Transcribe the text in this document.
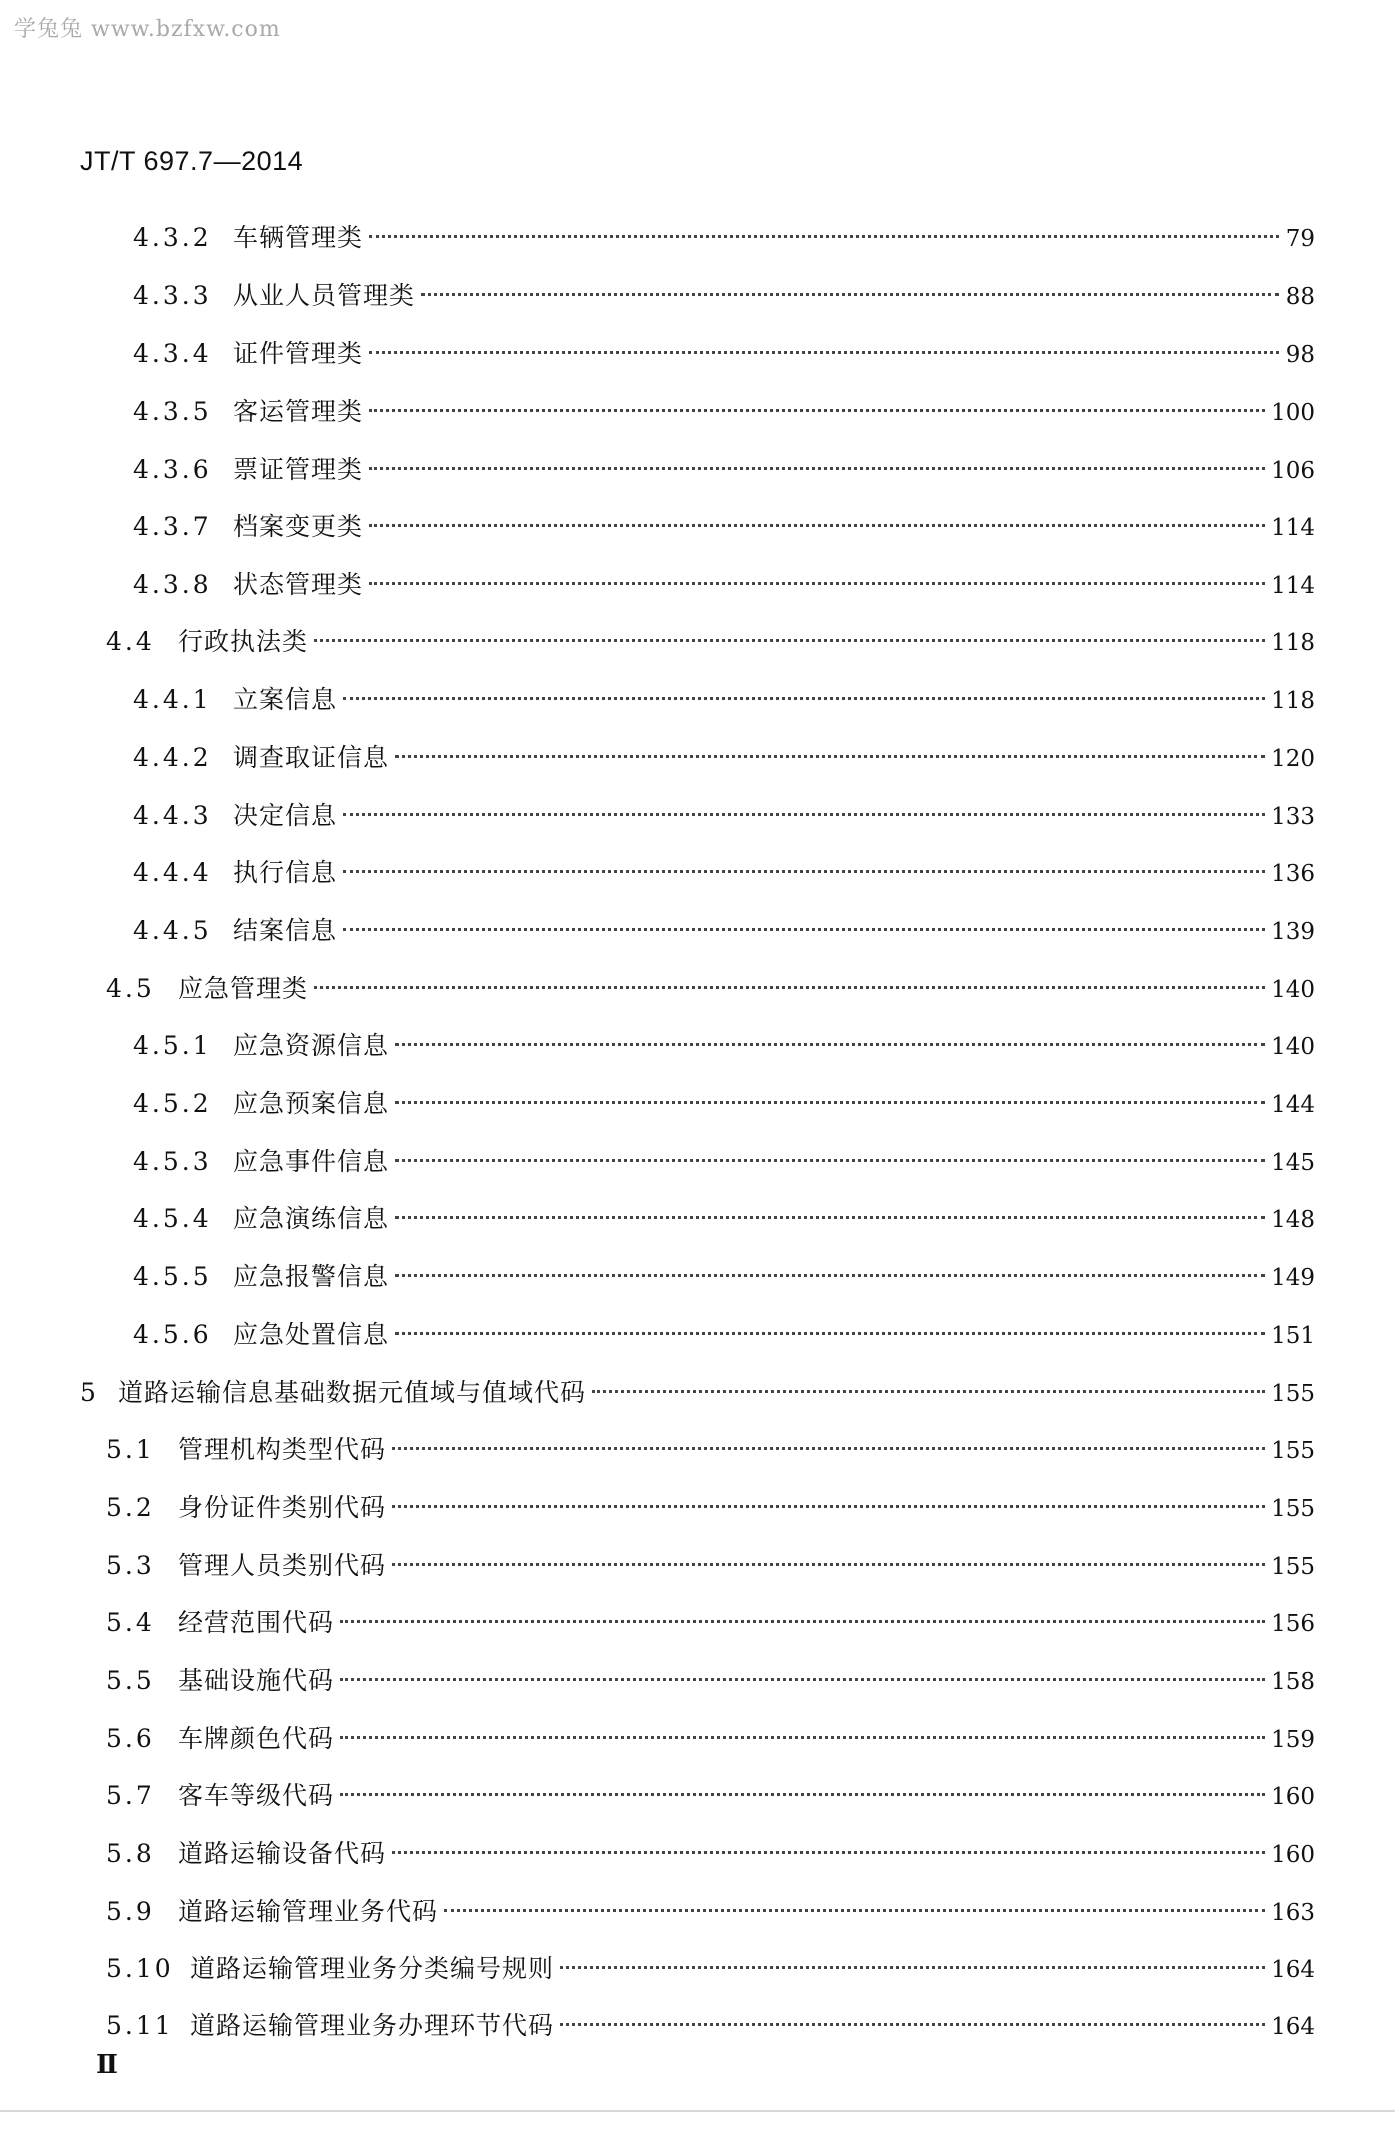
学兔兔 www.bzfxw.com
JT/T 697.7—2014
4.3.2 车辆管理类	79
4.3.3 从业人员管理类	88
4.3.4 证件管理类	98
4.3.5 客运管理类	100
4.3.6 票证管理类	106
4.3.7 档案变更类	114
4.3.8 状态管理类	114
4.4 行政执法类	118
4.4.1 立案信息	118
4.4.2 调查取证信息	120
4.4.3 决定信息	133
4.4.4 执行信息	136
4.4.5 结案信息	139
4.5 应急管理类	140
4.5.1 应急资源信息	140
4.5.2 应急预案信息	144
4.5.3 应急事件信息	145
4.5.4 应急演练信息	148
4.5.5 应急报警信息	149
4.5.6 应急处置信息	151
5 道路运输信息基础数据元值域与值域代码	155
5.1 管理机构类型代码	155
5.2 身份证件类别代码	155
5.3 管理人员类别代码	155
5.4 经营范围代码	156
5.5 基础设施代码	158
5.6 车牌颜色代码	159
5.7 客车等级代码	160
5.8 道路运输设备代码	160
5.9 道路运输管理业务代码	163
5.10 道路运输管理业务分类编号规则	164
5.11 道路运输管理业务办理环节代码	164
Ⅱ
